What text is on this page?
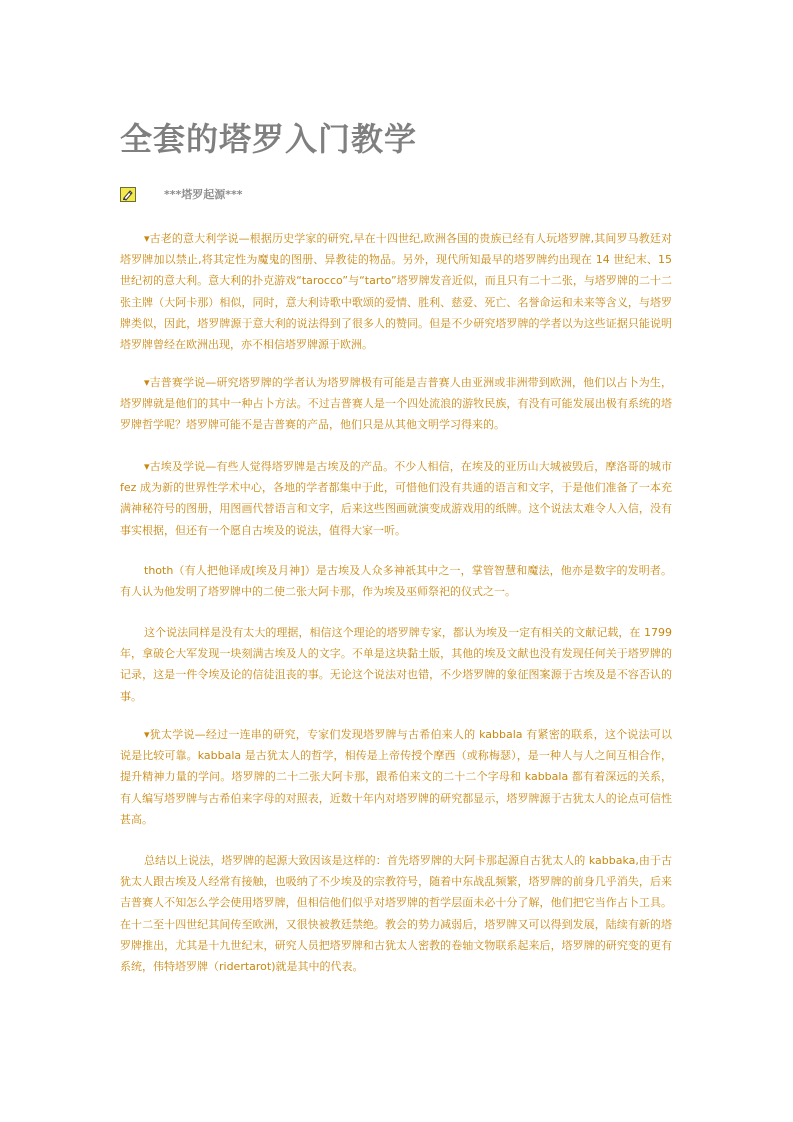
全套的塔罗入门教学
***塔罗起源***

▾古老的意大利学说—根据历史学家的研究,早在十四世纪,欧洲各国的贵族已经有人玩塔罗牌,其间罗马教廷对塔罗牌加以禁止,将其定性为魔鬼的图册、异教徒的物品。另外，现代所知最早的塔罗牌约出现在 14 世纪末、15 世纪初的意大利。意大利的扑克游戏“tarocco”与“tarto”塔罗牌发音近似，而且只有二十二张，与塔罗牌的二十二张主牌（大阿卡那）相似，同时，意大利诗歌中歌颂的爱情、胜利、慈爱、死亡、名誉命运和未来等含义，与塔罗牌类似，因此，塔罗牌源于意大利的说法得到了很多人的赞同。但是不少研究塔罗牌的学者以为这些证据只能说明塔罗牌曾经在欧洲出现，亦不相信塔罗牌源于欧洲。

▾吉普赛学说—研究塔罗牌的学者认为塔罗牌极有可能是吉普赛人由亚洲或非洲带到欧洲，他们以占卜为生，塔罗牌就是他们的其中一种占卜方法。不过吉普赛人是一个四处流浪的游牧民族，有没有可能发展出极有系统的塔罗牌哲学呢？塔罗牌可能不是吉普赛的产品，他们只是从其他文明学习得来的。

▾古埃及学说—有些人觉得塔罗牌是古埃及的产品。不少人相信，在埃及的亚历山大城被毁后，摩洛哥的城市 fez 成为新的世界性学术中心，各地的学者都集中于此，可惜他们没有共通的语言和文字，于是他们准备了一本充满神秘符号的图册，用图画代替语言和文字，后来这些图画就演变成游戏用的纸牌。这个说法太难令人入信，没有事实根据，但还有一个愿自古埃及的说法，值得大家一听。

thoth（有人把他译成[埃及月神]）是古埃及人众多神祇其中之一，掌管智慧和魔法，他亦是数字的发明者。有人认为他发明了塔罗牌中的二使二张大阿卡那，作为埃及巫师祭祀的仪式之一。

这个说法同样是没有太大的理据，相信这个理论的塔罗牌专家，都认为埃及一定有相关的文献记载，在 1799 年，拿破仑大军发现一块刻满古埃及人的文字。不单是这块黏土版，其他的埃及文献也没有发现任何关于塔罗牌的记录，这是一件令埃及论的信徒沮丧的事。无论这个说法对也错，不少塔罗牌的象征图案源于古埃及是不容否认的事。

▾犹太学说—经过一连串的研究，专家们发现塔罗牌与古希伯来人的 kabbala 有紧密的联系，这个说法可以说是比较可靠。kabbala 是古犹太人的哲学，相传是上帝传授个摩西（或称梅瑟），是一种人与人之间互相合作，提升精神力量的学问。塔罗牌的二十二张大阿卡那，跟希伯来文的二十二个字母和 kabbala 都有着深远的关系，有人编写塔罗牌与古希伯来字母的对照表，近数十年内对塔罗牌的研究都显示，塔罗牌源于古犹太人的论点可信性甚高。

总结以上说法，塔罗牌的起源大致因该是这样的：首先塔罗牌的大阿卡那起源自古犹太人的 kabbaka,由于古犹太人跟古埃及人经常有接触，也吸纳了不少埃及的宗教符号，随着中东战乱频繁，塔罗牌的前身几乎消失，后来吉普赛人不知怎么学会使用塔罗牌，但相信他们似乎对塔罗牌的哲学层面未必十分了解，他们把它当作占卜工具。在十二至十四世纪其间传至欧洲，又很快被教廷禁绝。教会的势力减弱后，塔罗牌又可以得到发展，陆续有新的塔罗牌推出，尤其是十九世纪末，研究人员把塔罗牌和古犹太人密教的卷轴文物联系起来后，塔罗牌的研究变的更有系统，伟特塔罗牌（ridertarot)就是其中的代表。
